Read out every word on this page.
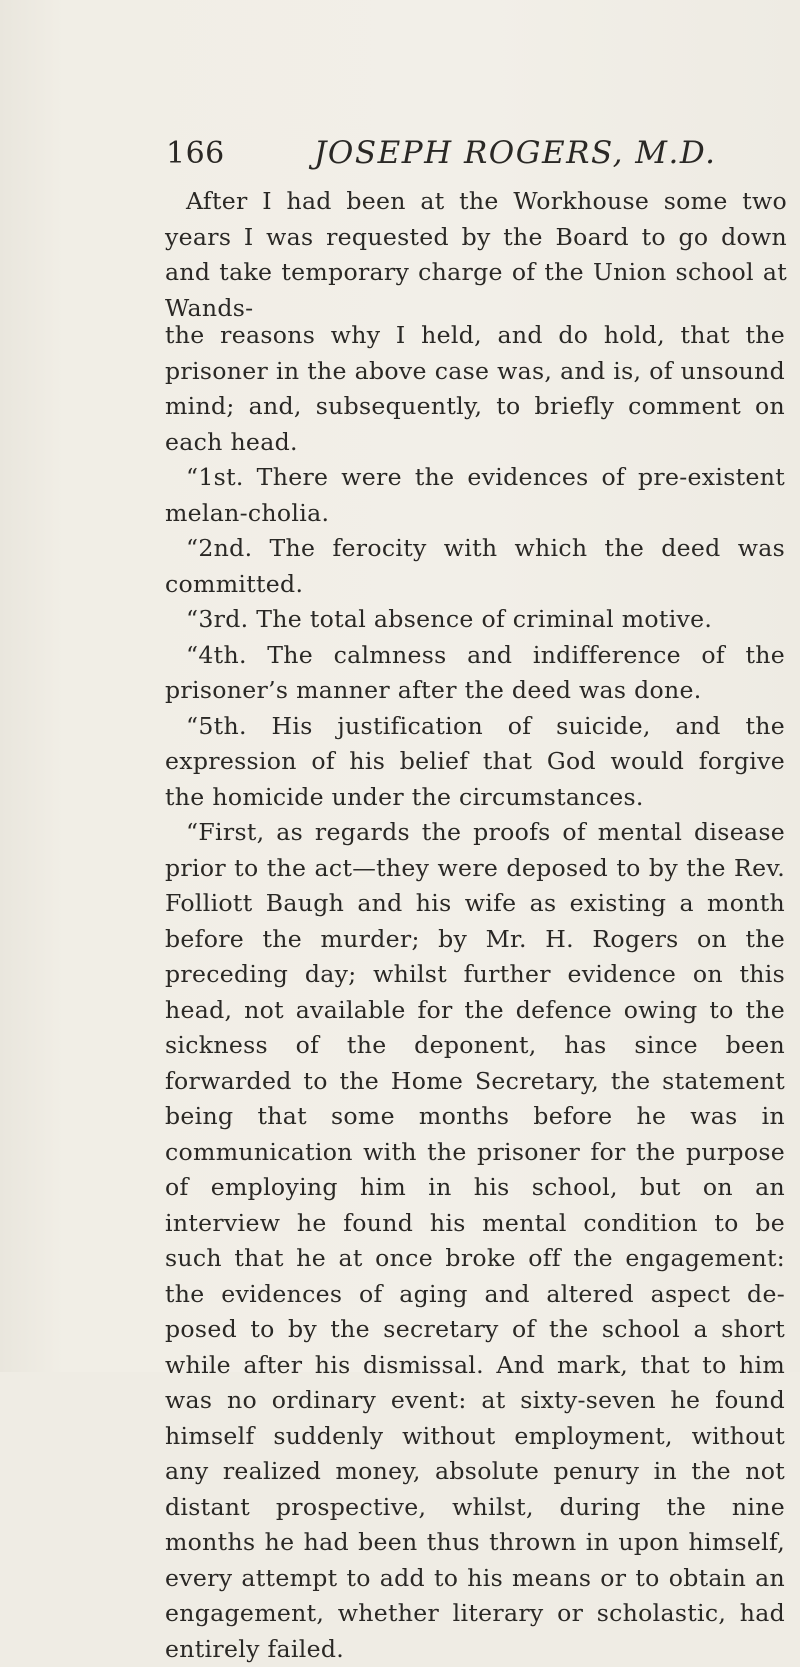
166	JOSEPH ROGERS, M.D.

After I had been at the Workhouse some two years I was requested by the Board to go down and take temporary charge of the Union school at Wands-

the reasons why I held, and do hold, that the prisoner in the above case was, and is, of unsound mind; and, subsequently, to briefly comment on each head.

“1st. There were the evidences of pre-existent melan-cholia.

“2nd. The ferocity with which the deed was committed.

“3rd. The total absence of criminal motive.

“4th. The calmness and indifference of the prisoner’s manner after the deed was done.

“5th. His justification of suicide, and the expression of his belief that God would forgive the homicide under the circumstances.

“First, as regards the proofs of mental disease prior to the act—they were deposed to by the Rev. Folliott Baugh and his wife as existing a month before the murder; by Mr. H. Rogers on the preceding day; whilst further evidence on this head, not available for the defence owing to the sickness of the deponent, has since been forwarded to the Home Secretary, the statement being that some months before he was in communication with the prisoner for the purpose of employing him in his school, but on an interview he found his mental condition to be such that he at once broke off the engagement: the evidences of aging and altered aspect de-posed to by the secretary of the school a short while after his dismissal. And mark, that to him was no ordinary event: at sixty-seven he found himself suddenly without employment, without any realized money, absolute penury in the not distant prospective, whilst, during the nine months he had been thus thrown in upon himself, every attempt to add to his means or to obtain an engagement, whether literary or scholastic, had entirely failed.
